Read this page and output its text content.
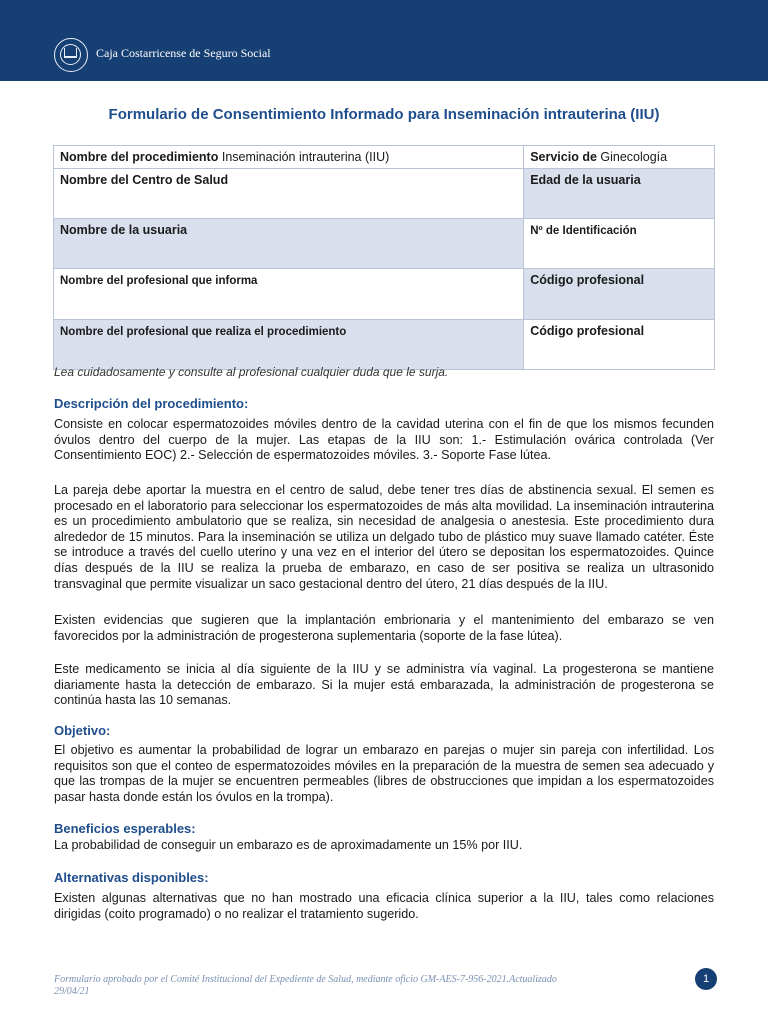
Caja Costarricense de Seguro Social
Formulario de Consentimiento Informado para Inseminación intrauterina (IIU)
Nombre del procedimiento Inseminación intrauterina (IIU)	Servicio de Ginecología
Nombre del Centro de Salud	Edad de la usuaria
Nombre de la usuaria	Nº de Identificación
Nombre del profesional que informa	Código profesional
Nombre del profesional que realiza el procedimiento	Código profesional
Lea cuidadosamente y consulte al profesional cualquier duda que le surja.
Descripción del procedimiento:
Consiste en colocar espermatozoides móviles dentro de la cavidad uterina con el fin de que los mismos fecunden óvulos dentro del cuerpo de la mujer. Las etapas de la IIU son: 1.- Estimulación ovárica controlada (Ver Consentimiento EOC) 2.- Selección de espermatozoides móviles. 3.- Soporte Fase lútea.
La pareja debe aportar la muestra en el centro de salud, debe tener tres días de abstinencia sexual. El semen es procesado en el laboratorio para seleccionar los espermatozoides de más alta movilidad. La inseminación intrauterina es un procedimiento ambulatorio que se realiza, sin necesidad de analgesia o anestesia. Este procedimiento dura alrededor de 15 minutos. Para la inseminación se utiliza un delgado tubo de plástico muy suave llamado catéter. Éste se introduce a través del cuello uterino y una vez en el interior del útero se depositan los espermatozoides. Quince días después de la IIU se realiza la prueba de embarazo, en caso de ser positiva se realiza un ultrasonido transvaginal que permite visualizar un saco gestacional dentro del útero, 21 días después de la IIU.
Existen evidencias que sugieren que la implantación embrionaria y el mantenimiento del embarazo se ven favorecidos por la administración de progesterona suplementaria (soporte de la fase lútea).
Este medicamento se inicia al día siguiente de la IIU y se administra vía vaginal. La progesterona se mantiene diariamente hasta la detección de embarazo. Si la mujer está embarazada, la administración de progesterona se continúa hasta las 10 semanas.
Objetivo:
El objetivo es aumentar la probabilidad de lograr un embarazo en parejas o mujer sin pareja con infertilidad. Los requisitos son que el conteo de espermatozoides móviles en la preparación de la muestra de semen sea adecuado y que las trompas de la mujer se encuentren permeables (libres de obstrucciones que impidan a los espermatozoides pasar hasta donde están los óvulos en la trompa).
Beneficios esperables:
La probabilidad de conseguir un embarazo es de aproximadamente un 15% por IIU.
Alternativas disponibles:
Existen algunas alternativas que no han mostrado una eficacia clínica superior a la IIU, tales como relaciones dirigidas (coito programado) o no realizar el tratamiento sugerido.
Formulario aprobado por el Comité Institucional del Expediente de Salud, mediante oficio GM-AES-7-956-2021.Actualizado 29/04/21
1
